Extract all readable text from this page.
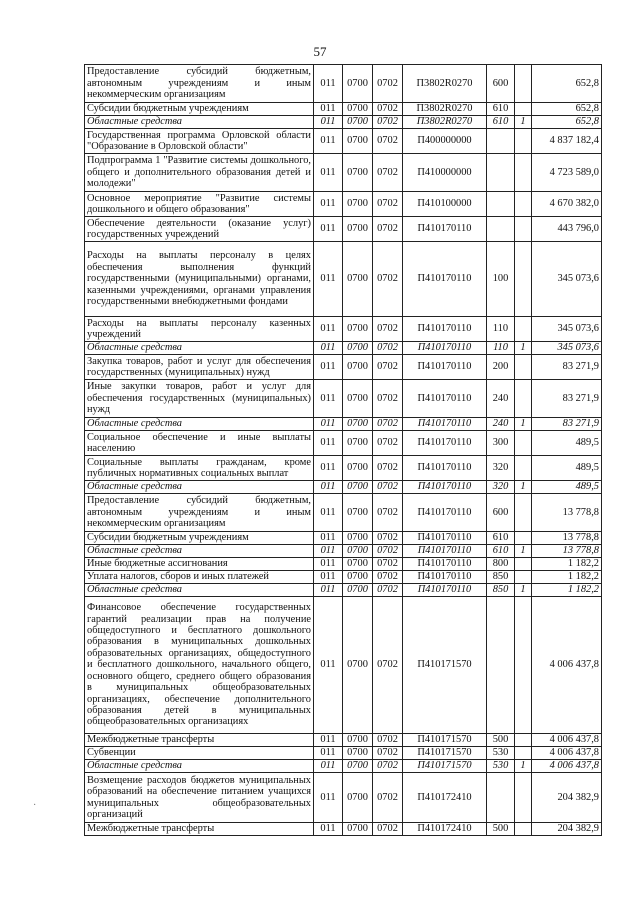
57
Предоставление субсидий бюджетным, автономным учреждениям и иным некоммерческим организациям	011	0700	0702	П3802R0270	600		652,8
Субсидии бюджетным учреждениям	011	0700	0702	П3802R0270	610		652,8
Областные средства	011	0700	0702	П3802R0270	610	1	652,8
Государственная программа Орловской области "Образование в Орловской области"	011	0700	0702	П400000000			4 837 182,4
Подпрограмма 1 "Развитие системы дошкольного, общего и дополнительного образования детей и молодежи"	011	0700	0702	П410000000			4 723 589,0
Основное мероприятие "Развитие системы дошкольного и общего образования"	011	0700	0702	П410100000			4 670 382,0
Обеспечение деятельности (оказание услуг) государственных учреждений	011	0700	0702	П410170110			443 796,0
Расходы на выплаты персоналу в целях обеспечения выполнения функций государственными (муниципальными) органами, казенными учреждениями, органами управления государственными внебюджетными фондами	011	0700	0702	П410170110	100		345 073,6
Расходы на выплаты персоналу казенных учреждений	011	0700	0702	П410170110	110		345 073,6
Областные средства	011	0700	0702	П410170110	110	1	345 073,6
Закупка товаров, работ и услуг для обеспечения государственных (муниципальных) нужд	011	0700	0702	П410170110	200		83 271,9
Иные закупки товаров, работ и услуг для обеспечения государственных (муниципальных) нужд	011	0700	0702	П410170110	240		83 271,9
Областные средства	011	0700	0702	П410170110	240	1	83 271,9
Социальное обеспечение и иные выплаты населению	011	0700	0702	П410170110	300		489,5
Социальные выплаты гражданам, кроме публичных нормативных социальных выплат	011	0700	0702	П410170110	320		489,5
Областные средства	011	0700	0702	П410170110	320	1	489,5
Предоставление субсидий бюджетным, автономным учреждениям и иным некоммерческим организациям	011	0700	0702	П410170110	600		13 778,8
Субсидии бюджетным учреждениям	011	0700	0702	П410170110	610		13 778,8
Областные средства	011	0700	0702	П410170110	610	1	13 778,8
Иные бюджетные ассигнования	011	0700	0702	П410170110	800		1 182,2
Уплата налогов, сборов и иных платежей	011	0700	0702	П410170110	850		1 182,2
Областные средства	011	0700	0702	П410170110	850	1	1 182,2
Финансовое обеспечение государственных гарантий реализации прав на получение общедоступного и бесплатного дошкольного образования в муниципальных дошкольных образовательных организациях, общедоступного и бесплатного дошкольного, начального общего, основного общего, среднего общего образования в муниципальных общеобразовательных организациях, обеспечение дополнительного образования детей в муниципальных общеобразовательных организациях	011	0700	0702	П410171570			4 006 437,8
Межбюджетные трансферты	011	0700	0702	П410171570	500		4 006 437,8
Субвенции	011	0700	0702	П410171570	530		4 006 437,8
Областные средства	011	0700	0702	П410171570	530	1	4 006 437,8
Возмещение расходов бюджетов муниципальных образований на обеспечение питанием учащихся муниципальных общеобразовательных организаций	011	0700	0702	П410172410			204 382,9
Межбюджетные трансферты	011	0700	0702	П410172410	500		204 382,9
·
